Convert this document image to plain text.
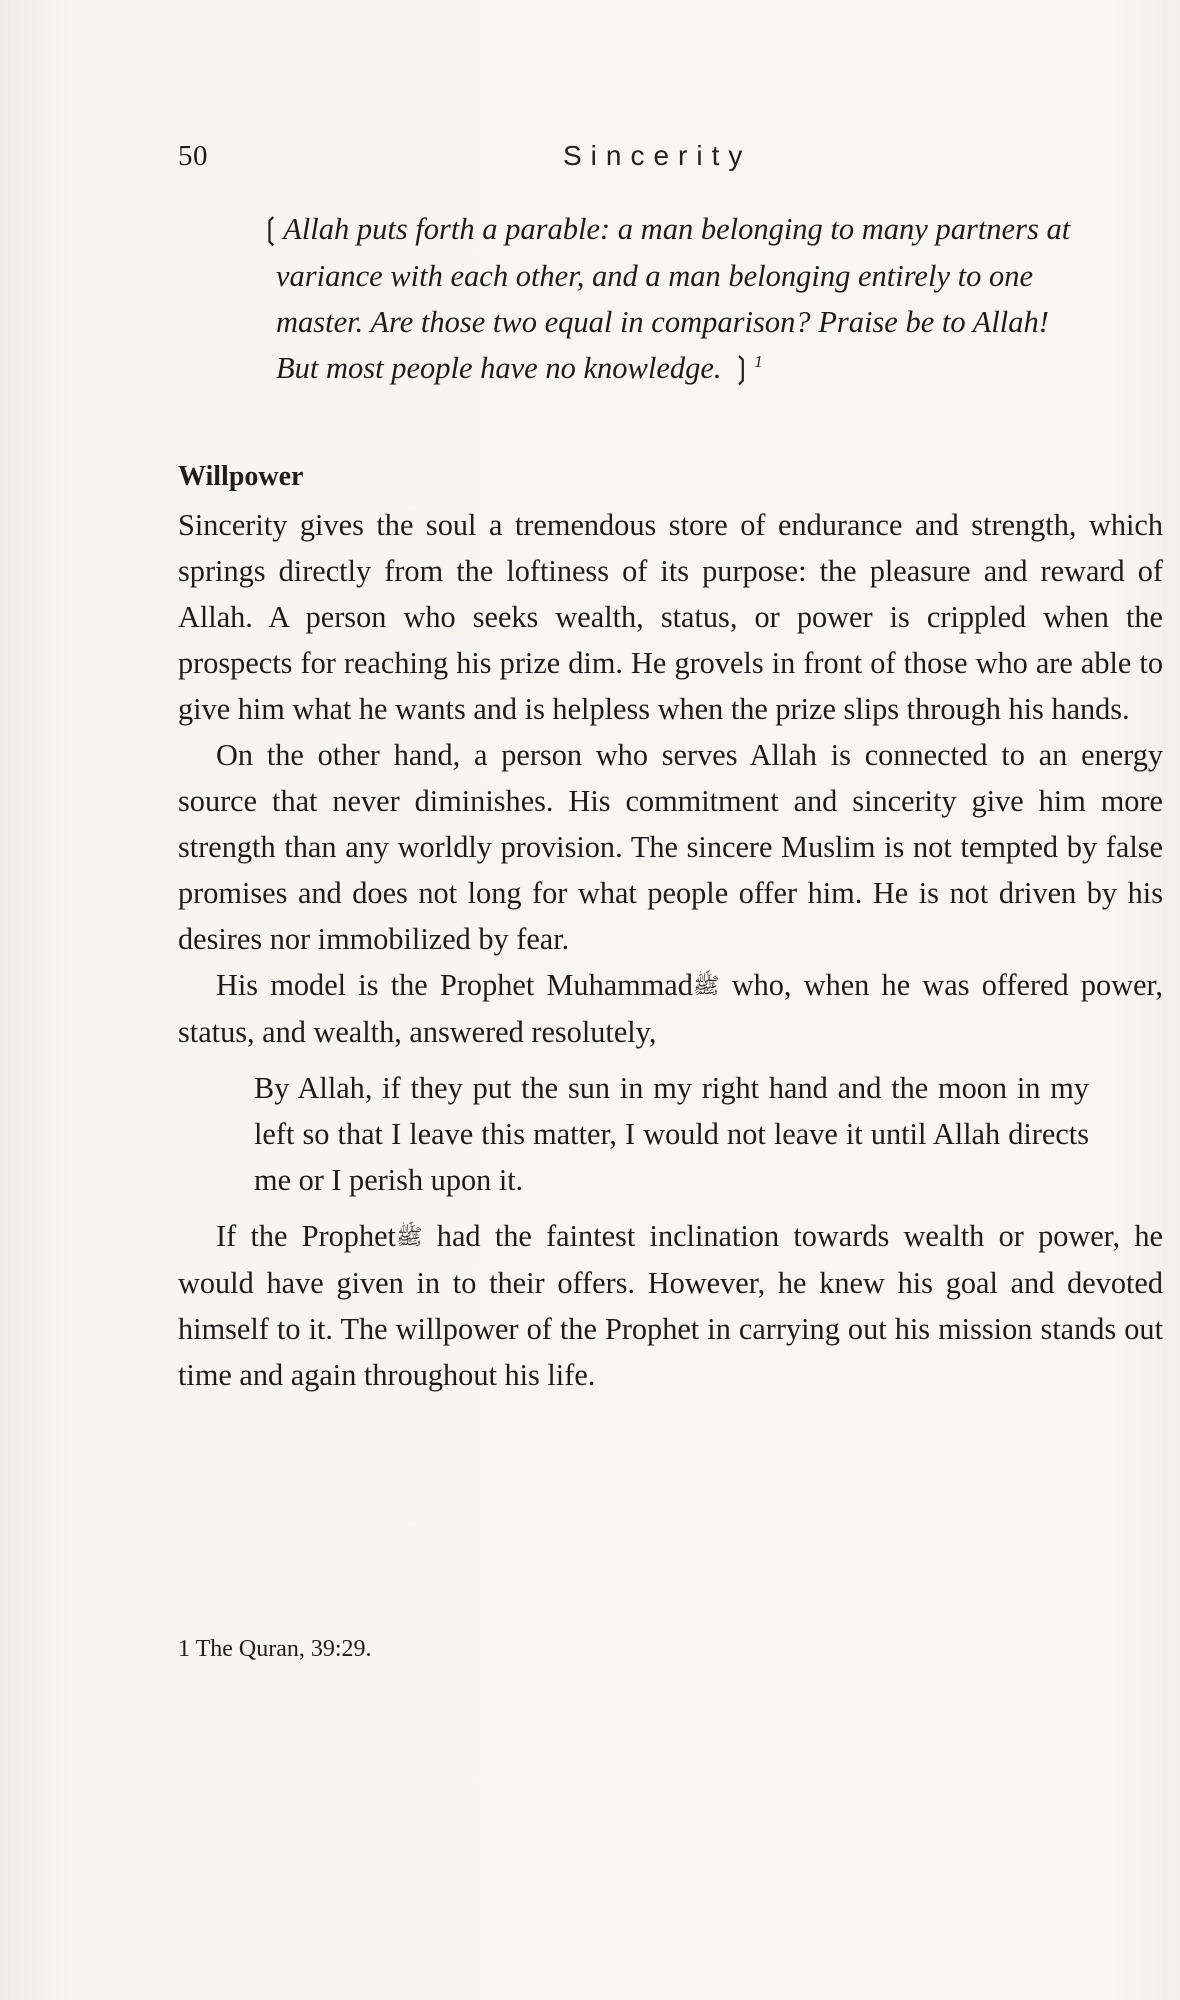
50	Sincerity

❲Allah puts forth a parable: a man belonging to many partners at variance with each other, and a man belonging entirely to one master. Are those two equal in comparison? Praise be to Allah! But most people have no knowledge. ❳$^1$

Willpower

Sincerity gives the soul a tremendous store of endurance and strength, which springs directly from the loftiness of its purpose: the pleasure and reward of Allah. A person who seeks wealth, status, or power is crippled when the prospects for reaching his prize dim. He grovels in front of those who are able to give him what he wants and is helpless when the prize slips through his hands.

On the other hand, a person who serves Allah is connected to an energy source that never diminishes. His commitment and sincerity give him more strength than any worldly provision. The sincere Muslim is not tempted by false promises and does not long for what people offer him. He is not driven by his desires nor immobilized by fear.

His model is the Prophet Muhammadﷺ who, when he was offered power, status, and wealth, answered resolutely,

By Allah, if they put the sun in my right hand and the moon in my left so that I leave this matter, I would not leave it until Allah directs me or I perish upon it.

If the Prophetﷺ had the faintest inclination towards wealth or power, he would have given in to their offers. However, he knew his goal and devoted himself to it. The willpower of the Prophet in carrying out his mission stands out time and again throughout his life.

1 The Quran, 39:29.
